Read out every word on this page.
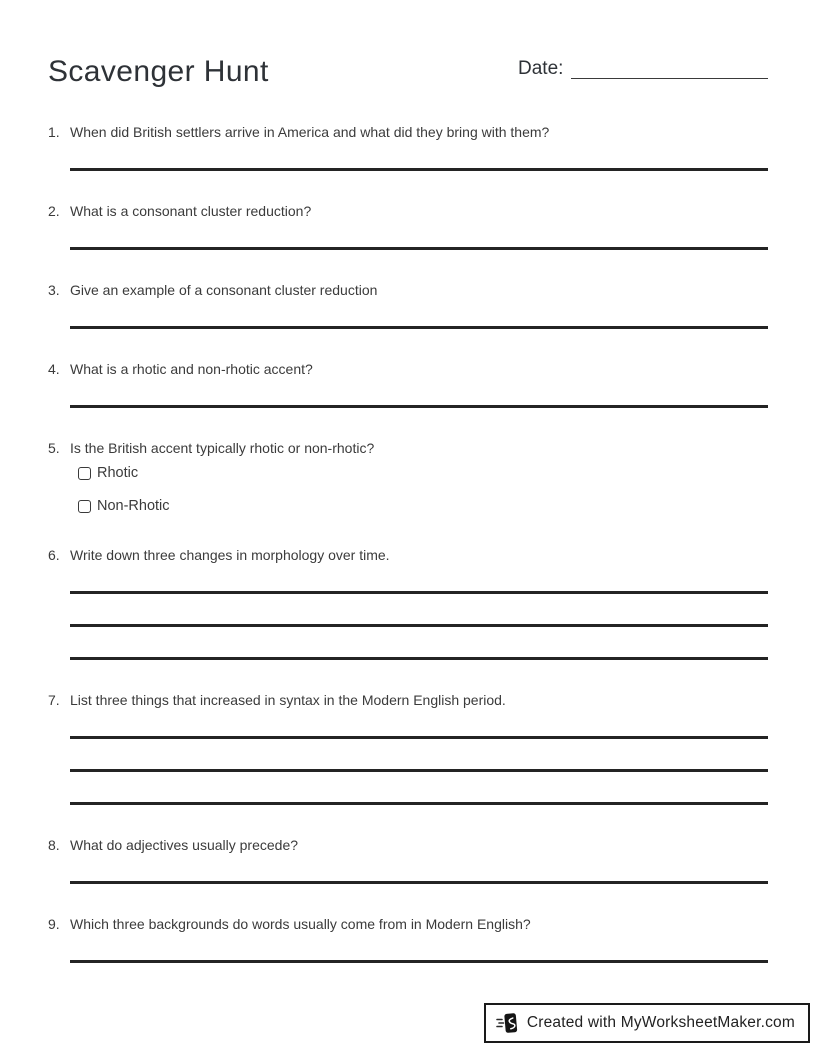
Scavenger Hunt	Date:
1. When did British settlers arrive in America and what did they bring with them?
2. What is a consonant cluster reduction?
3. Give an example of a consonant cluster reduction
4. What is a rhotic and non-rhotic accent?
5. Is the British accent typically rhotic or non-rhotic?
Rhotic
Non-Rhotic
6. Write down three changes in morphology over time.
7. List three things that increased in syntax in the Modern English period.
8. What do adjectives usually precede?
9. Which three backgrounds do words usually come from in Modern English?
Created with MyWorksheetMaker.com
